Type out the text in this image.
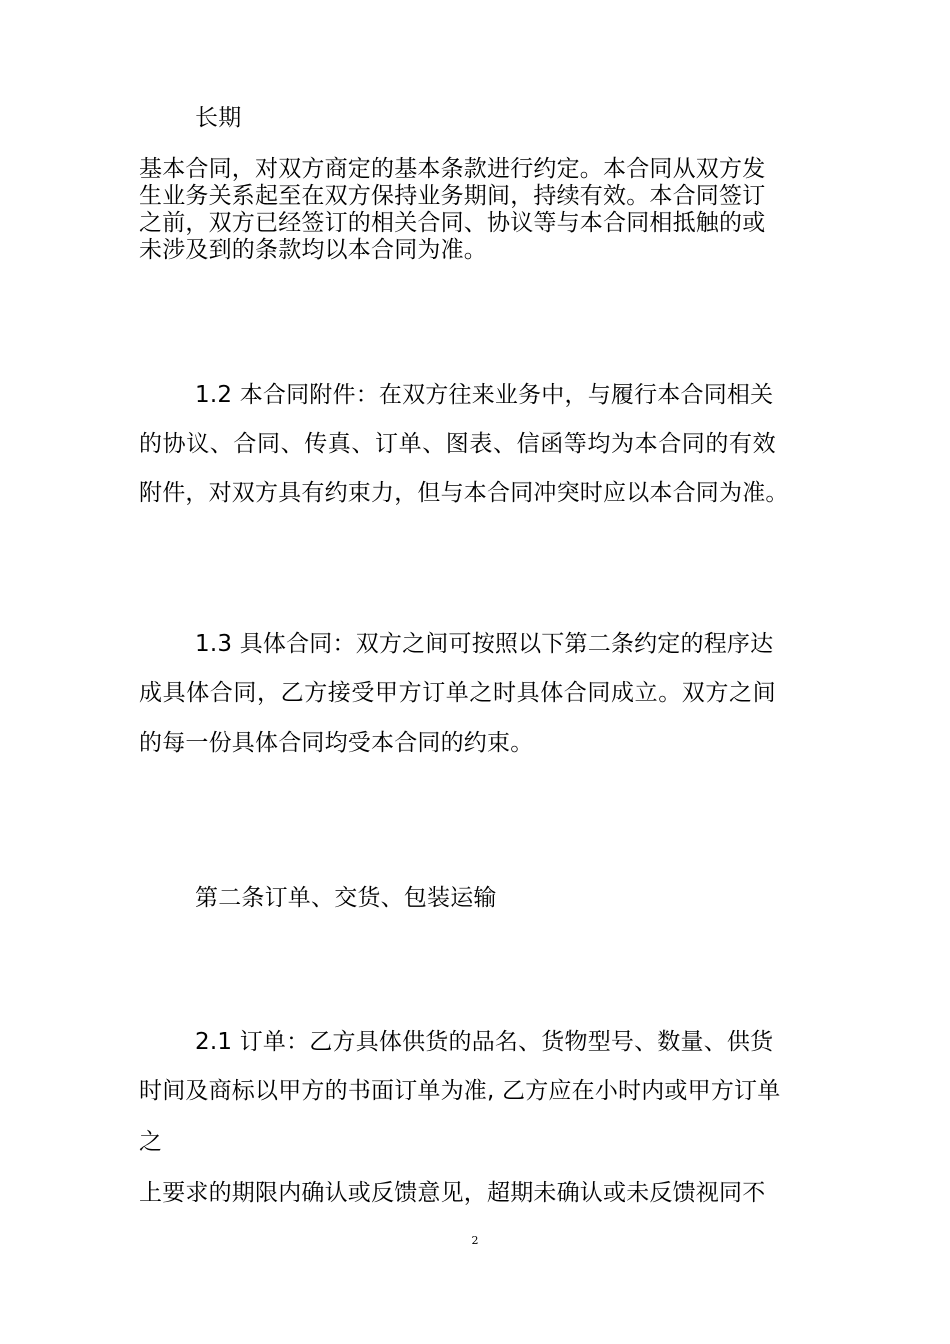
长期
基本合同，对双方商定的基本条款进行约定。本合同从双方发
生业务关系起至在双方保持业务期间，持续有效。本合同签订
之前，双方已经签订的相关合同、协议等与本合同相抵触的或
未涉及到的条款均以本合同为准。
1.2 本合同附件：在双方往来业务中，与履行本合同相关
的协议、合同、传真、订单、图表、信函等均为本合同的有效
附件，对双方具有约束力，但与本合同冲突时应以本合同为准。
1.3 具体合同：双方之间可按照以下第二条约定的程序达
成具体合同，乙方接受甲方订单之时具体合同成立。双方之间
的每一份具体合同均受本合同的约束。
第二条订单、交货、包装运输
2.1 订单：乙方具体供货的品名、货物型号、数量、供货
时间及商标以甲方的书面订单为准, 乙方应在小时内或甲方订单
之
上要求的期限内确认或反馈意见，超期未确认或未反馈视同不
2
